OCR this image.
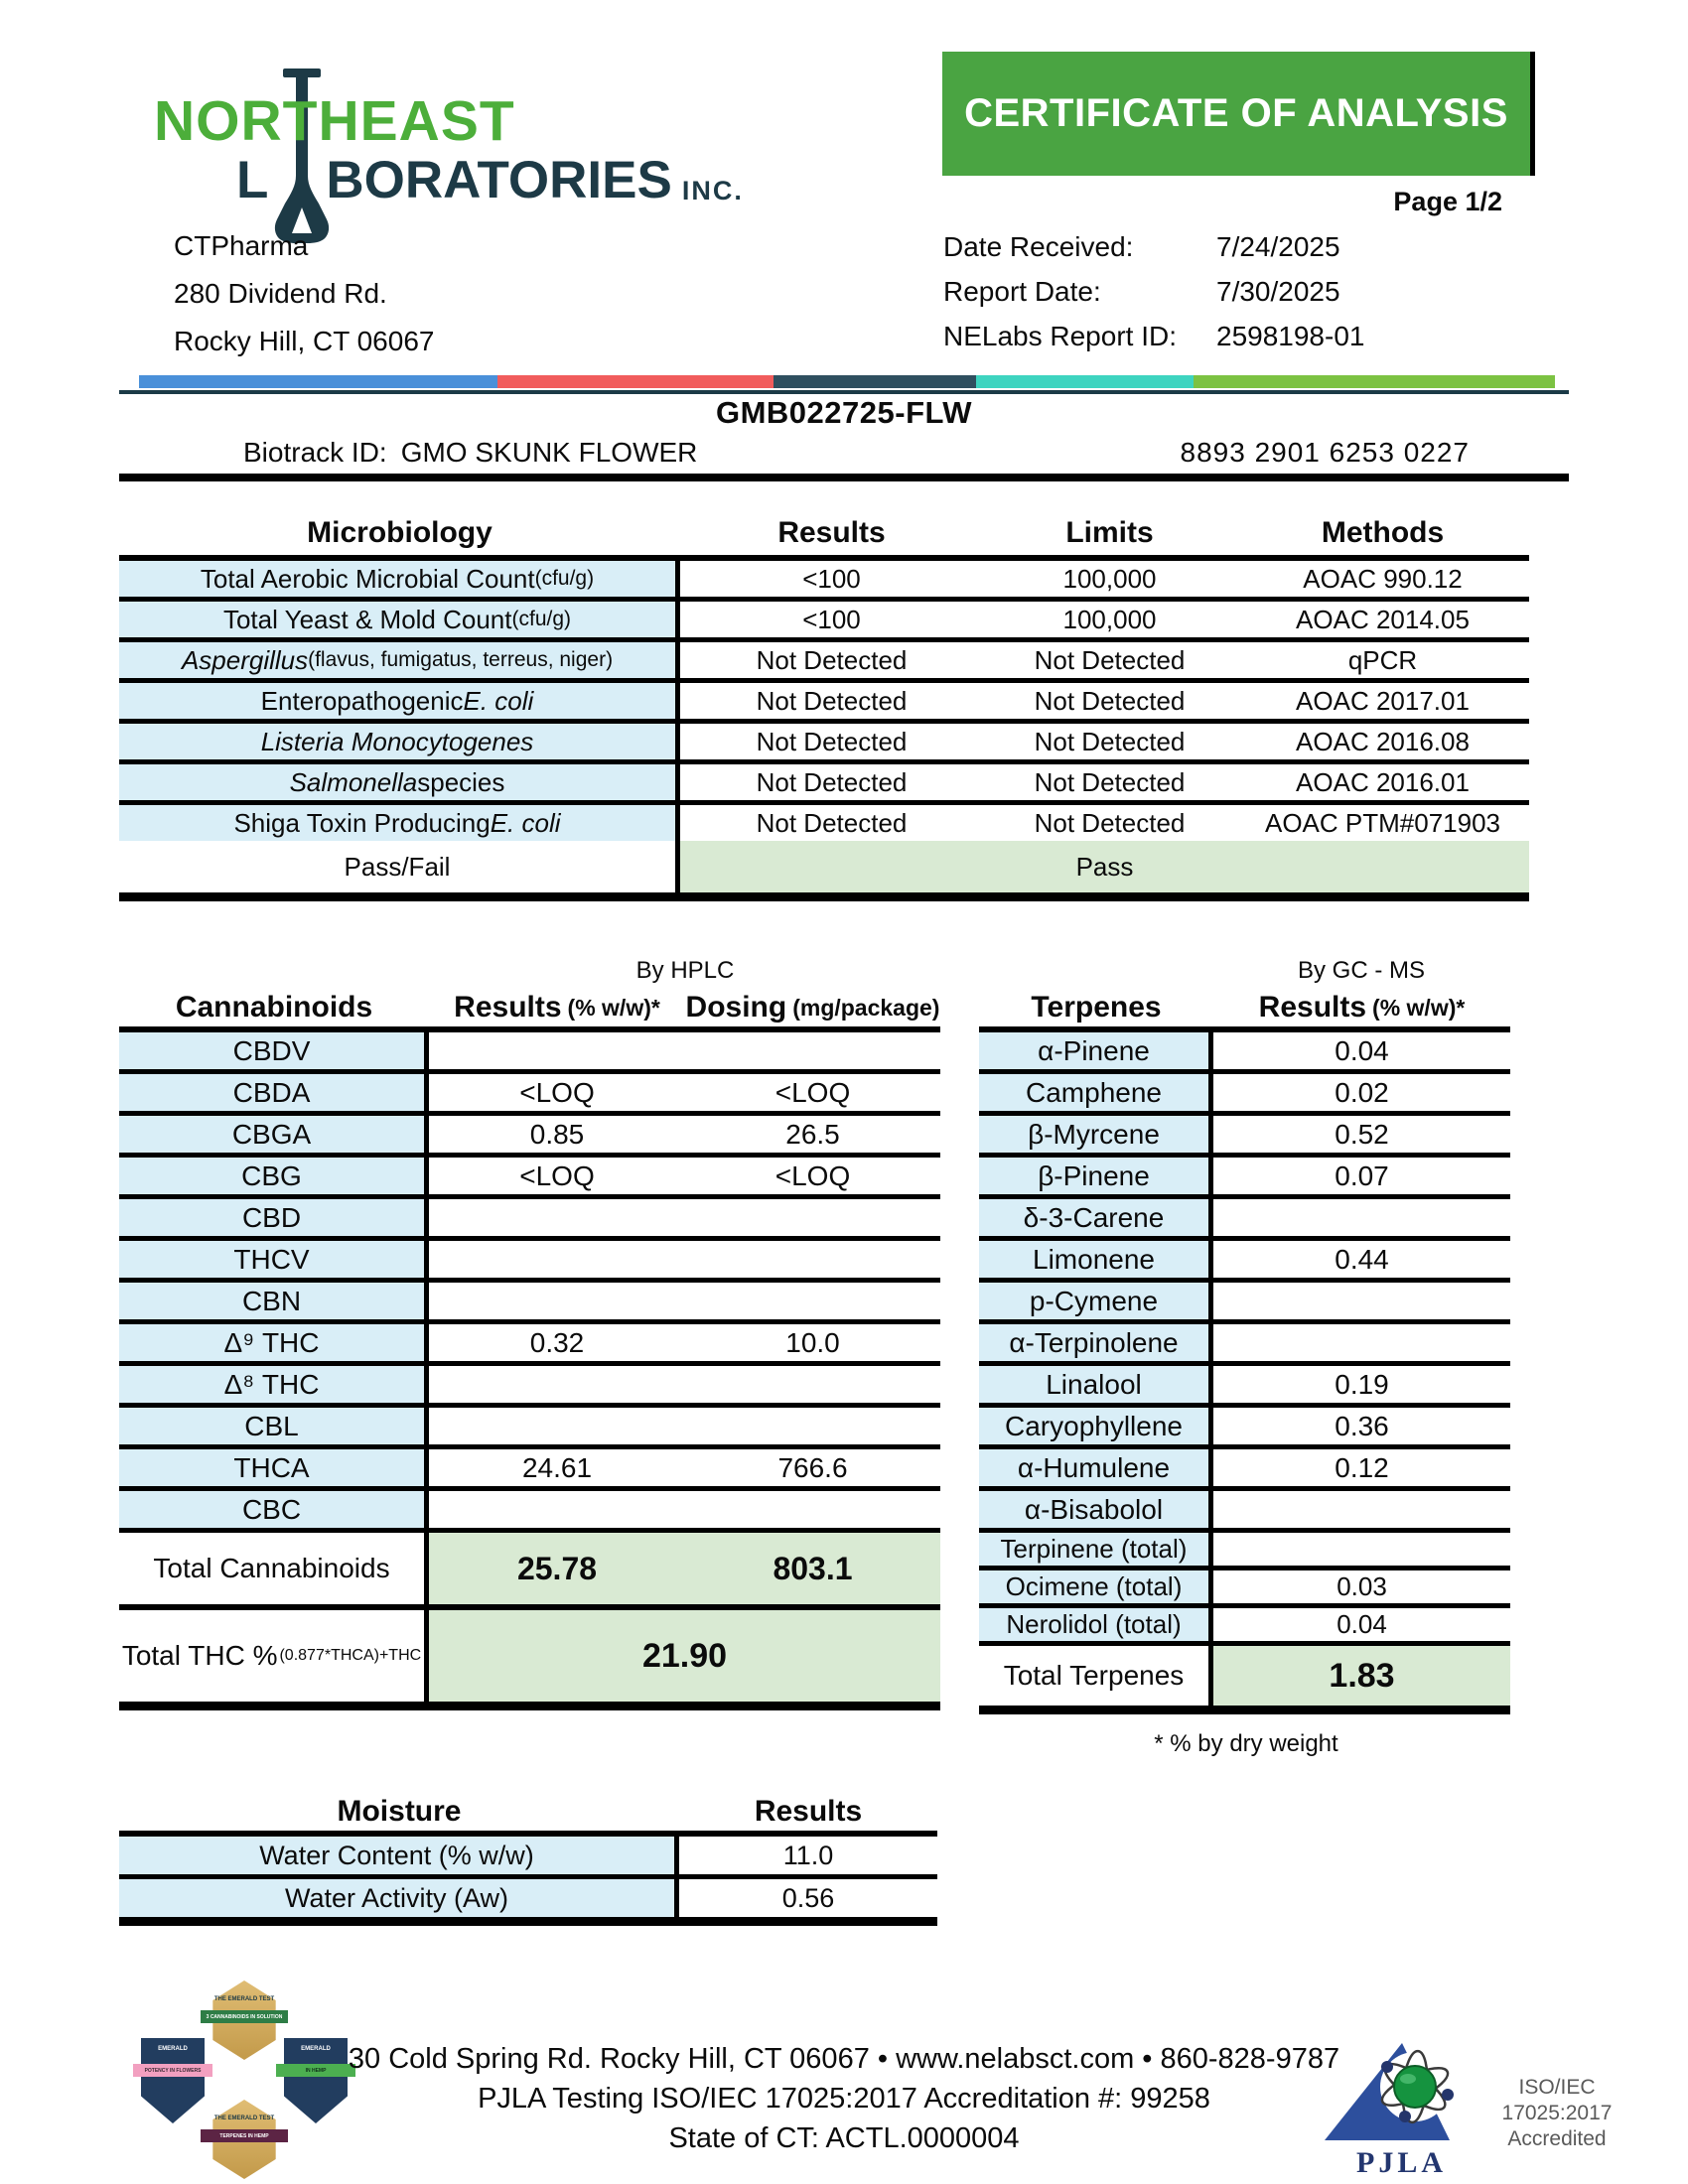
NORTHEAST
L BORATORIES INC.
CERTIFICATE OF ANALYSIS
Page 1/2
CTPharma
280 Dividend Rd.
Rocky Hill, CT 06067
Date Received:	7/24/2025
Report Date:	7/30/2025
NELabs Report ID:	2598198-01
GMB022725-FLW
Biotrack ID: GMO SKUNK FLOWER	8893 2901 6253 0227
Microbiology	Results	Limits	Methods
Total Aerobic Microbial Count (cfu/g)	<100	100,000	AOAC 990.12
Total Yeast & Mold Count (cfu/g)	<100	100,000	AOAC 2014.05
Aspergillus (flavus, fumigatus, terreus, niger)	Not Detected	Not Detected	qPCR
Enteropathogenic E. coli	Not Detected	Not Detected	AOAC 2017.01
Listeria Monocytogenes	Not Detected	Not Detected	AOAC 2016.08
Salmonella species	Not Detected	Not Detected	AOAC 2016.01
Shiga Toxin Producing E. coli	Not Detected	Not Detected	AOAC PTM#071903
Pass/Fail	Pass
By HPLC	By GC - MS
Cannabinoids	Results (% w/w)* Dosing (mg/package)
CBDV
CBDA	<LOQ	<LOQ
CBGA	0.85	26.5
CBG	<LOQ	<LOQ
CBD
THCV
CBN
Δ⁹ THC	0.32	10.0
Δ⁸ THC
CBL
THCA	24.61	766.6
CBC
Total Cannabinoids	25.78	803.1
Total THC % (0.877*THCA)+THC	21.90
Terpenes	Results (% w/w)*
α-Pinene	0.04
Camphene	0.02
β-Myrcene	0.52
β-Pinene	0.07
δ-3-Carene
Limonene	0.44
p-Cymene
α-Terpinolene
Linalool	0.19
Caryophyllene	0.36
α-Humulene	0.12
α-Bisabolol
Terpinene (total)
Ocimene (total)	0.03
Nerolidol (total)	0.04
Total Terpenes	1.83
* % by dry weight
Moisture	Results
Water Content (% w/w)	11.0
Water Activity (Aw)	0.56
THE EMERALD TEST
3 CANNABINOIDS IN SOLUTION
EMERALD
POTENCY IN FLOWERS
EMERALD
IN HEMP
THE EMERALD TEST
TERPENES IN HEMP
30 Cold Spring Rd. Rocky Hill, CT 06067 • www.nelabsct.com • 860-828-9787
PJLA Testing ISO/IEC 17025:2017 Accreditation #: 99258
State of CT: ACTL.0000004
PJLA
ISO/IEC 17025:2017
Accredited
